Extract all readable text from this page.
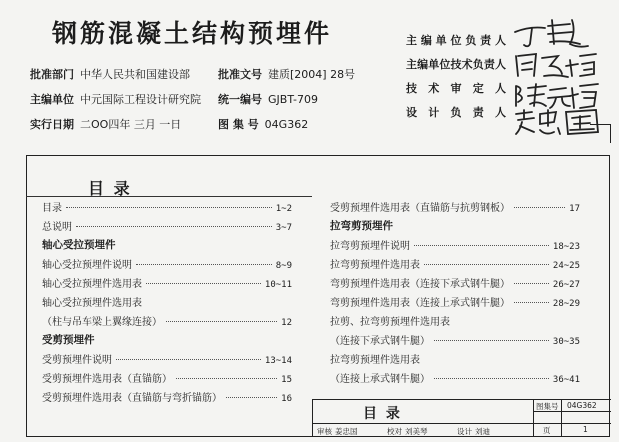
钢筋混凝土结构预埋件
批准部门 中华人民共和国建设部
主编单位 中元国际工程设计研究院
实行日期 二OO四年 三月 一日
批准文号 建质[2004] 28号
统一编号 GJBT-709
图 集 号 04G362
主编单位负责人
主编单位技术负责人
技术审定人
设计负责人
目 录
目录	1~2
总说明	3~7
轴心受拉预埋件
轴心受拉预埋件说明	8~9
轴心受拉预埋件选用表	10~11
轴心受拉预埋件选用表
（柱与吊车梁上翼缘连接）	12
受剪预埋件
受剪预埋件说明	13~14
受剪预埋件选用表（直锚筋）	15
受剪预埋件选用表（直锚筋与弯折锚筋）	16
受剪预埋件选用表（直锚筋与抗剪钢板）	17
拉弯剪预埋件
拉弯剪预埋件说明	18~23
拉弯剪预埋件选用表	24~25
弯剪预埋件选用表（连接下承式钢牛腿）	26~27
弯剪预埋件选用表（连接上承式钢牛腿）	28~29
拉剪、拉弯剪预埋件选用表
（连接下承式钢牛腿）	30~35
拉弯剪预埋件选用表
（连接上承式钢牛腿）	36~41
目 录	图集号 04G362
页	1
审核 姜忠国	校对 刘美琴	设计 刘迪
